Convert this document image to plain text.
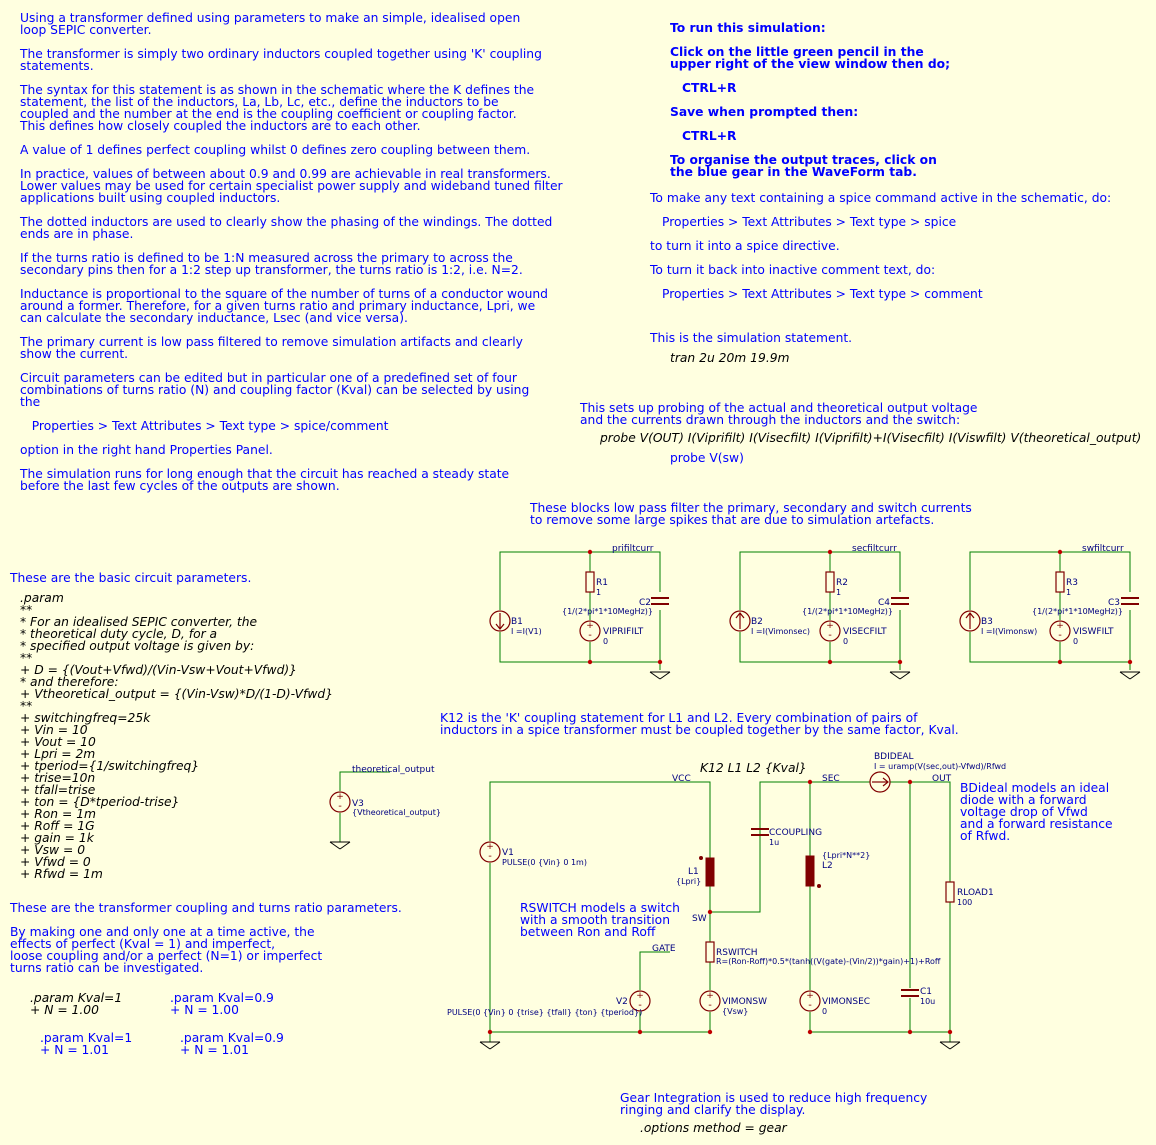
Using a transformer defined using parameters to make an simple, idealised open
loop SEPIC converter.

The transformer is simply two ordinary inductors coupled together using 'K' coupling
statements.

The syntax for this statement is as shown in the schematic where the K defines the
statement, the list of the inductors, La, Lb, Lc, etc., define the inductors to be
coupled and the number at the end is the coupling coefficient or coupling factor.
This defines how closely coupled the inductors are to each other.

A value of 1 defines perfect coupling whilst 0 defines zero coupling between them.

In practice, values of between about 0.9 and 0.99 are achievable in real transformers.
Lower values may be used for certain specialist power supply and wideband tuned filter
applications built using coupled inductors.

The dotted inductors are used to clearly show the phasing of the windings. The dotted
ends are in phase.

If the turns ratio is defined to be 1:N measured across the primary to across the
secondary pins then for a 1:2 step up transformer, the turns ratio is 1:2, i.e. N=2.

Inductance is proportional to the square of the number of turns of a conductor wound
around a former. Therefore, for a given turns ratio and primary inductance, Lpri, we
can calculate the secondary inductance, Lsec (and vice versa).

The primary current is low pass filtered to remove simulation artifacts and clearly
show the current.

Circuit parameters can be edited but in particular one of a predefined set of four
combinations of turns ratio (N) and coupling factor (Kval) can be selected by using
the

Properties > Text Attributes > Text type > spice/comment

option in the right hand Properties Panel.

The simulation runs for long enough that the circuit has reached a steady state
before the last few cycles of the outputs are shown.

To run this simulation:

Click on the little green pencil in the
upper right of the view window then do;

CTRL+R

Save when prompted then:

CTRL+R

To organise the output traces, click on
the blue gear in the WaveForm tab.

To make any text containing a spice command active in the schematic, do:

Properties > Text Attributes > Text type > spice

to turn it into a spice directive.

To turn it back into inactive comment text, do:

Properties > Text Attributes > Text type > comment

This is the simulation statement.

tran 2u 20m 19.9m

This sets up probing of the actual and theoretical output voltage
and the currents drawn through the inductors and the switch:

probe V(OUT) I(Viprifilt) I(Visecfilt) I(Viprifilt)+I(Visecfilt) I(Viswfilt) V(theoretical_output)

probe V(sw)

These blocks low pass filter the primary, secondary and switch currents
to remove some large spikes that are due to simulation artefacts.

These are the basic circuit parameters.

.param
**
* For an idealised SEPIC converter, the
* theoretical duty cycle, D, for a
* specified output voltage is given by:
**
+ D = {(Vout+Vfwd)/(Vin-Vsw+Vout+Vfwd)}
* and therefore:
+ Vtheoretical_output = {(Vin-Vsw)*D/(1-D)-Vfwd}
**
+ switchingfreq=25k
+ Vin = 10
+ Vout = 10
+ Lpri = 2m
+ tperiod={1/switchingfreq}
+ trise=10n
+ tfall=trise
+ ton = {D*tperiod-trise}
+ Ron = 1m
+ Roff = 1G
+ gain = 1k
+ Vsw = 0
+ Vfwd = 0
+ Rfwd = 1m

These are the transformer coupling and turns ratio parameters.

By making one and only one at a time active, the
effects of perfect (Kval = 1) and imperfect,
loose coupling and/or a perfect (N=1) or imperfect
turns ratio can be investigated.

.param Kval=1
+ N = 1.00

.param Kval=0.9
+ N = 1.00

.param Kval=1
+ N = 1.01

.param Kval=0.9
+ N = 1.01

K12 is the 'K' coupling statement for L1 and L2. Every combination of pairs of
inductors in a spice transformer must be coupled together by the same factor, Kval.

K12 L1 L2 {Kval}

BDideal models an ideal
diode with a forward
voltage drop of Vfwd
and a forward resistance
of Rfwd.

RSWITCH models a switch
with a smooth transition
between Ron and Roff

Gear Integration is used to reduce high frequency
ringing and clarify the display.

.options method = gear

+
-
prifiltcurr
B1
I =I(V1)
R1
1
C2
{1/(2*pi*1*10MegHz)}
VIPRIFILT
0
+
-
secfiltcurr
B2
I =I(Vimonsec)
R2
1
C4
{1/(2*pi*1*10MegHz)}
VISECFILT
0
+
-
swfiltcurr
B3
I =I(Vimonsw)
R3
1
C3
{1/(2*pi*1*10MegHz)}
VISWFILT
0
+
-
theoretical_output
V3
{Vtheoretical_output}
+
-
+
-
+
-
+
-
VCC	SEC	OUT
SW
GATE
V1
PULSE(0 {Vin} 0 1m)
L1
{Lpri}
{Lpri*N**2}
L2
CCOUPLING
1u
RSWITCH
R=(Ron-Roff)*0.5*(tanh((V(gate)-(Vin/2))*gain)+1)+Roff
V2
PULSE(0 {Vin} 0 {trise} {tfall} {ton} {tperiod})
VIMONSW
{Vsw}
VIMONSEC
0
BDIDEAL
I = uramp(V(sec,out)-Vfwd)/Rfwd
C1
10u
RLOAD1
100
